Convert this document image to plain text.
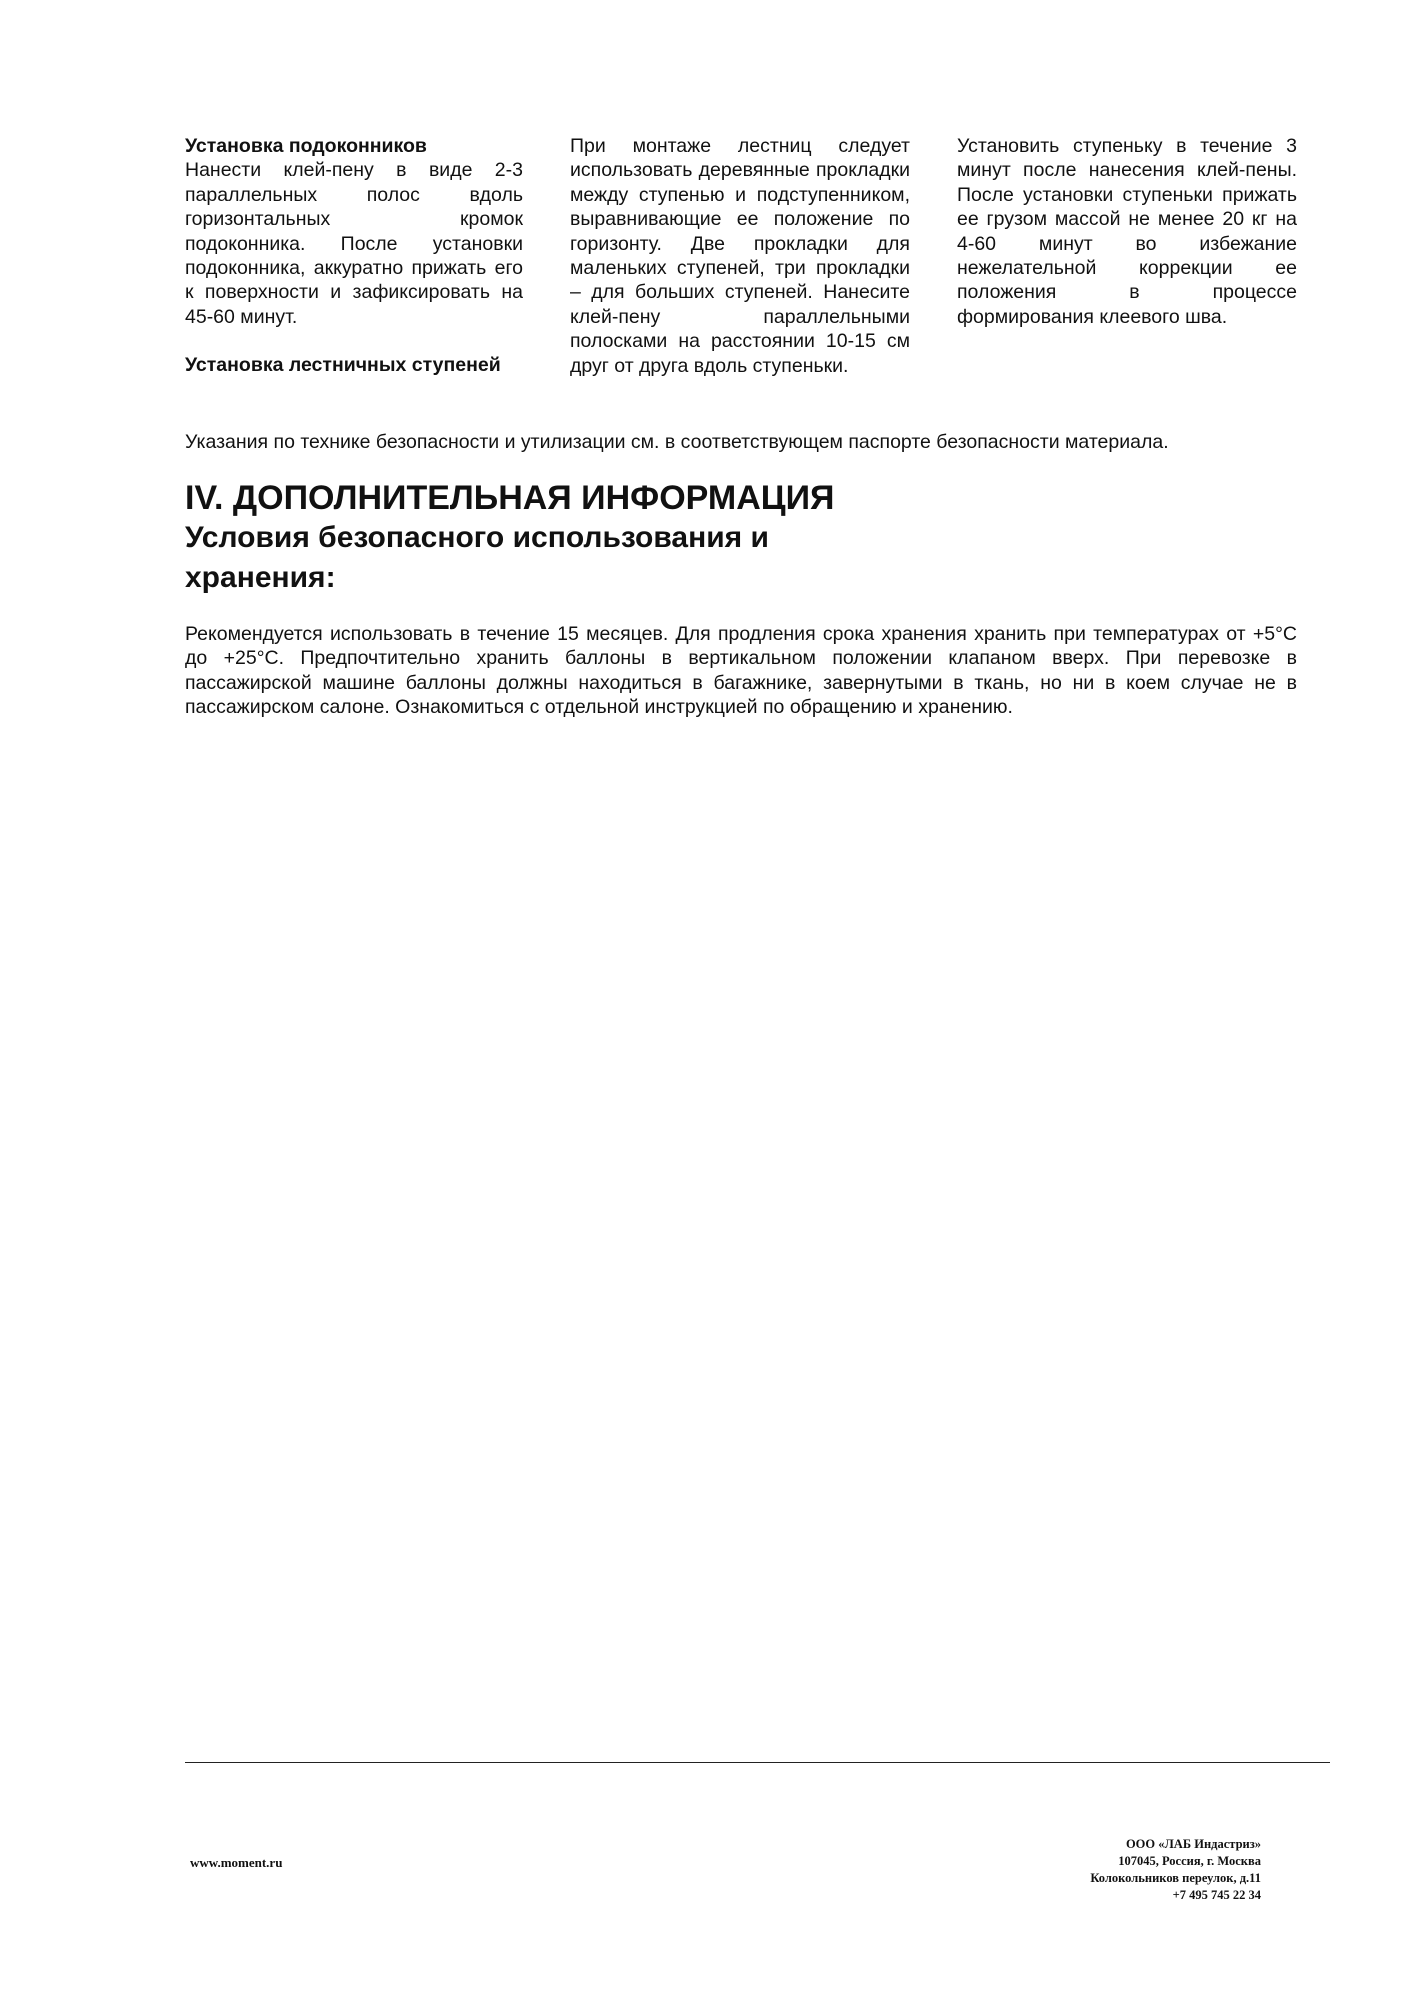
Установка подоконников

Нанести клей-пену в виде 2-3 параллельных полос вдоль горизонтальных кромок подоконника. После установки подоконника, аккуратно прижать его к поверхности и зафиксировать на 45-60 минут.

Установка лестничных ступеней

При монтаже лестниц следует использовать деревянные прокладки между ступенью и подступенником, выравнивающие ее положение по горизонту. Две прокладки для маленьких ступеней, три прокладки – для больших ступеней. Нанесите клей-пену параллельными полосками на расстоянии 10-15 см друг от друга вдоль ступеньки.

Установить ступеньку в течение 3 минут после нанесения клей-пены. После установки ступеньки прижать ее грузом массой не менее 20 кг на 4-60 минут во избежание нежелательной коррекции ее положения в процессе формирования клеевого шва.

Указания по технике безопасности и утилизации см. в соответствующем паспорте безопасности материала.
IV. ДОПОЛНИТЕЛЬНАЯ ИНФОРМАЦИЯ
Условия безопасного использования и хранения:

Рекомендуется использовать в течение 15 месяцев. Для продления срока хранения хранить при температурах от +5°C до +25°C. Предпочтительно хранить баллоны в вертикальном положении клапаном вверх. При перевозке в пассажирской машине баллоны должны находиться в багажнике, завернутыми в ткань, но ни в коем случае не в пассажирском салоне. Ознакомиться с отдельной инструкцией по обращению и хранению.

www.moment.ru
ООО «ЛАБ Индастриз»
107045, Россия, г. Москва
Колокольников переулок, д.11
+7 495 745 22 34
